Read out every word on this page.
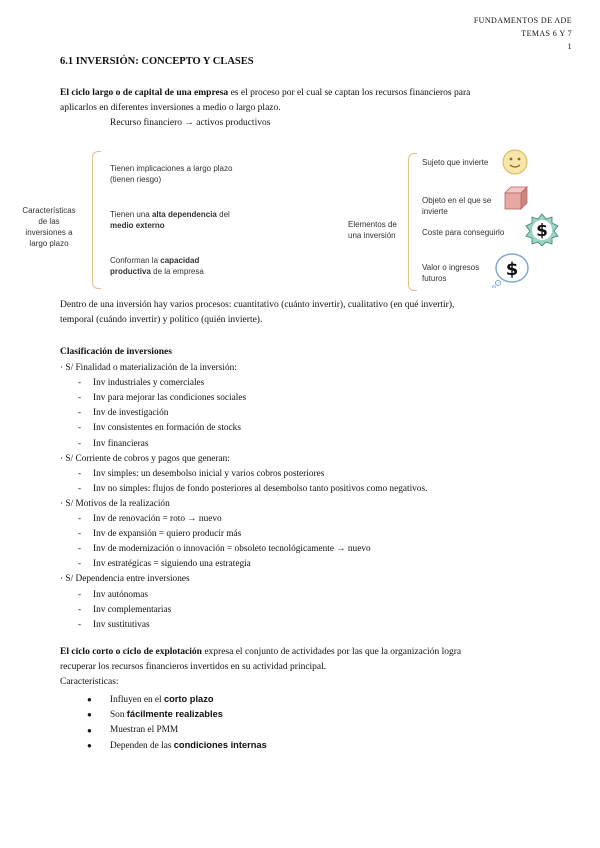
FUNDAMENTOS DE ADE
TEMAS 6 Y 7
1
6.1 INVERSIÓN: CONCEPTO Y CLASES
El ciclo largo o de capital de una empresa es el proceso por el cual se captan los recursos financieros para
aplicarlos en diferentes inversiones a medio o largo plazo.
Recurso financiero → activos productivos
Características
de las
inversiones a
largo plazo
Tienen implicaciones a largo plazo
(tienen riesgo)
Tienen una alta dependencia del
medio externo
Conforman la capacidad
productiva de la empresa
Elementos de
una inversión
Sujeto que invierte
Objeto en el que se
invierte
Coste para conseguirlo
Valor o ingresos
futuros
$
$
Dentro de una inversión hay varios procesos: cuantitativo (cuánto invertir), cualitativo (en qué invertir),
temporal (cuándo invertir) y político (quién invierte).
Clasificación de inversiones
· S/ Finalidad o materialización de la inversión:
- Inv industriales y comerciales
- Inv para mejorar las condiciones sociales
- Inv de investigación
- Inv consistentes en formación de stocks
- Inv financieras
· S/ Corriente de cobros y pagos que generan:
- Inv simples: un desembolso inicial y varios cobros posteriores
- Inv no simples: flujos de fondo posteriores al desembolso tanto positivos como negativos.
· S/ Motivos de la realización
- Inv de renovación = roto → nuevo
- Inv de expansión = quiero producir más
- Inv de modernización o innovación = obsoleto tecnológicamente → nuevo
- Inv estratégicas = siguiendo una estrategia
· S/ Dependencia entre inversiones
- Inv autónomas
- Inv complementarias
- Inv sustitutivas
El ciclo corto o ciclo de explotación expresa el conjunto de actividades por las que la organización logra
recuperar los recursos financieros invertidos en su actividad principal.
Características:
● Influyen en el corto plazo
● Son fácilmente realizables
● Muestran el PMM
● Dependen de las condiciones internas
